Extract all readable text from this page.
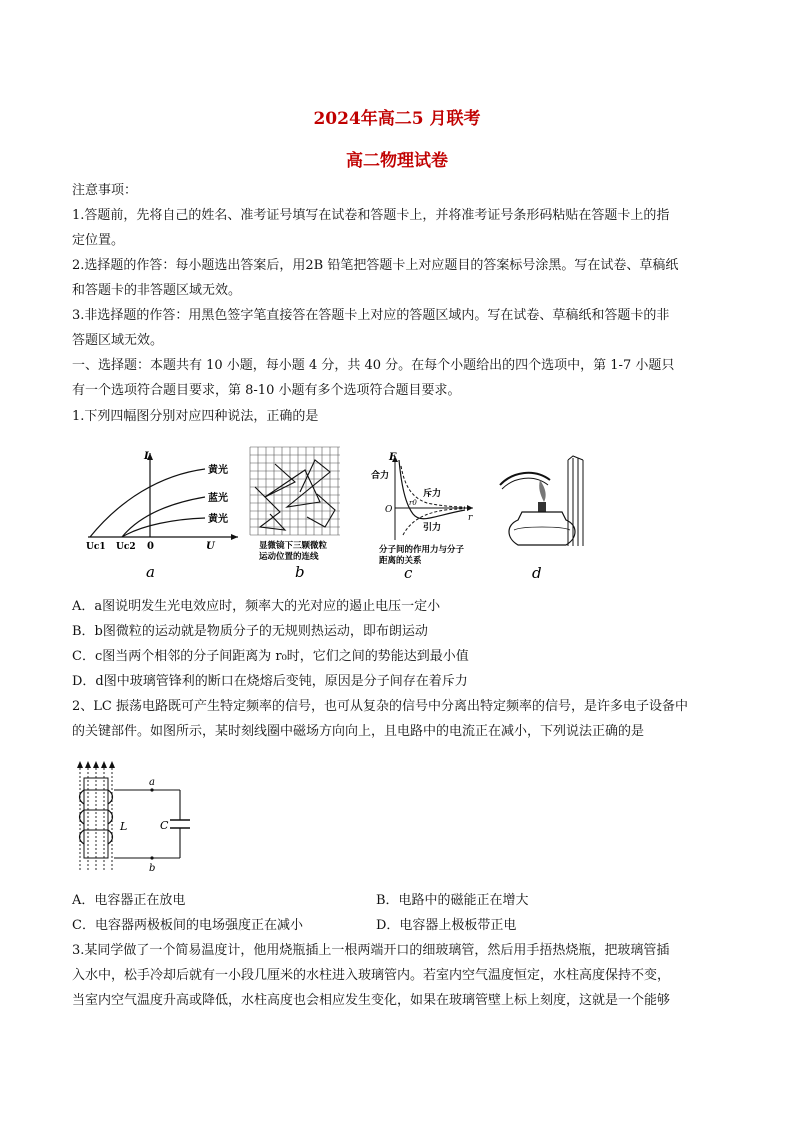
2024年高二5 月联考
高二物理试卷
注意事项：
1.答题前，先将自己的姓名、准考证号填写在试卷和答题卡上，并将准考证号条形码粘贴在答题卡上的指
定位置。
2.选择题的作答：每小题选出答案后，用2B 铅笔把答题卡上对应题目的答案标号涂黑。写在试卷、草稿纸
和答题卡的非答题区域无效。
3.非选择题的作答：用黑色签字笔直接答在答题卡上对应的答题区域内。写在试卷、草稿纸和答题卡的非
答题区域无效。
一、选择题：本题共有 10 小题，每小题 4 分，共 40 分。在每个小题给出的四个选项中，第 1-7 小题只
有一个选项符合题目要求，第 8-10 小题有多个选项符合题目要求。
1.下列四幅图分别对应四种说法，正确的是
I
黄光
蓝光
黄光
Uc1 Uc2 0	U
a
显微镜下三颗微粒
运动位置的连线
b
F
合力
斥力
引力
r0
r
O
分子间的作用力与分子
距离的关系
c	d
A．a图说明发生光电效应时，频率大的光对应的遏止电压一定小
B．b图微粒的运动就是物质分子的无规则热运动，即布朗运动
C．c图当两个相邻的分子间距离为 r₀时，它们之间的势能达到最小值
D．d图中玻璃管锋利的断口在烧熔后变钝，原因是分子间存在着斥力
2、LC 振荡电路既可产生特定频率的信号，也可从复杂的信号中分离出特定频率的信号，是许多电子设备中
的关键部件。如图所示，某时刻线圈中磁场方向向上，且电路中的电流正在减小，下列说法正确的是
a
b
L	C
A．电容器正在放电	B．电路中的磁能正在增大
C．电容器两极板间的电场强度正在减小	D．电容器上极板带正电
3.某同学做了一个简易温度计，他用烧瓶插上一根两端开口的细玻璃管，然后用手捂热烧瓶，把玻璃管插
入水中，松手冷却后就有一小段几厘米的水柱进入玻璃管内。若室内空气温度恒定，水柱高度保持不变，
当室内空气温度升高或降低，水柱高度也会相应发生变化，如果在玻璃管壁上标上刻度，这就是一个能够
